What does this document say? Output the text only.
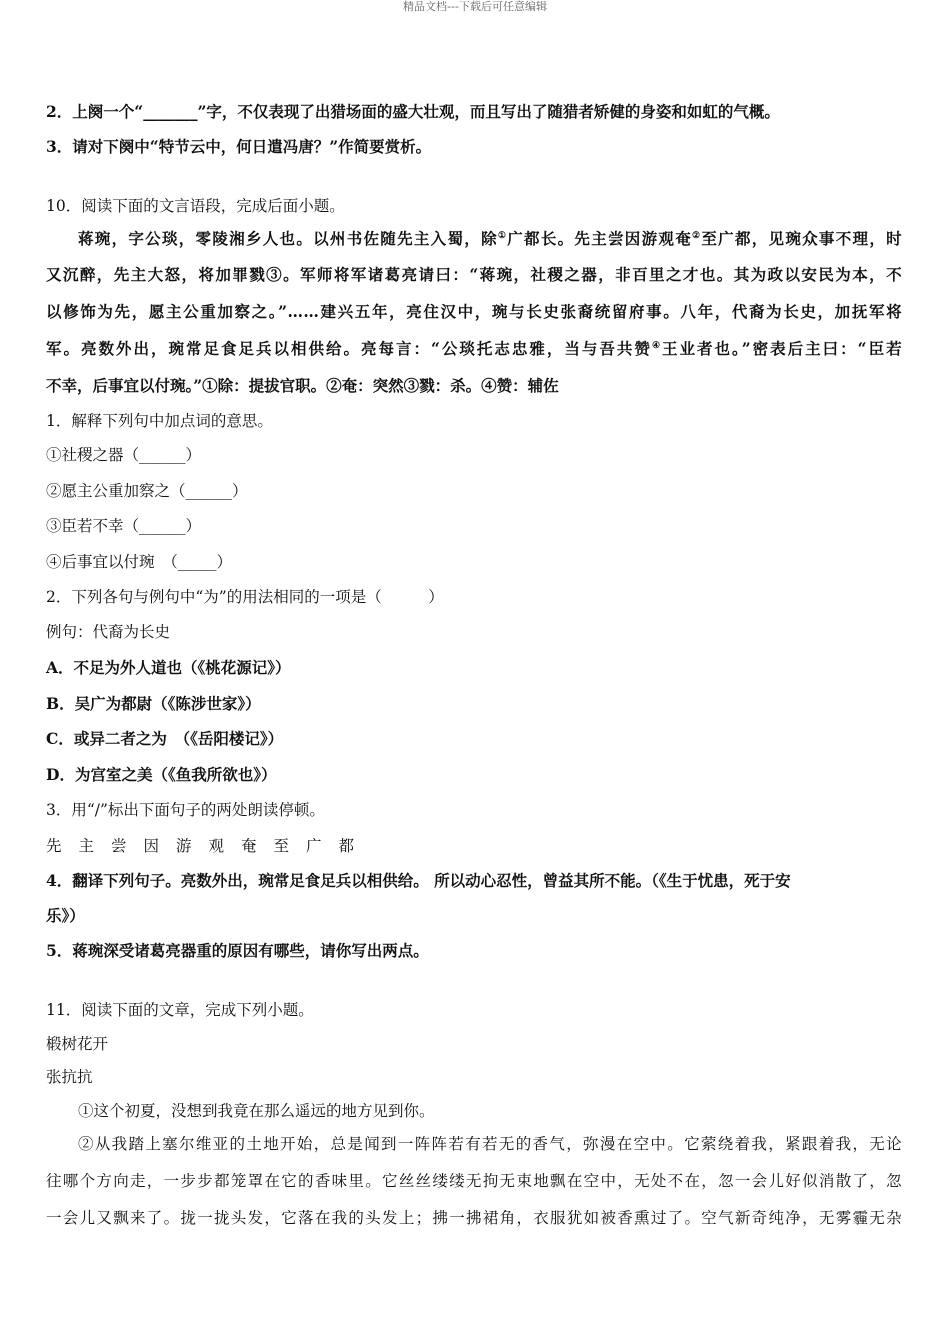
精品文档---下载后可任意编辑
2．上阕一个“_______”字，不仅表现了出猎场面的盛大壮观，而且写出了随猎者矫健的身姿和如虹的气概。
3．请对下阕中“特节云中，何日遣冯唐？”作简要赏析。
10．阅读下面的文言语段，完成后面小题。
蒋琬，字公琰，零陵湘乡人也。以州书佐随先主入蜀，除①广都长。先主尝因游观奄②至广都，见琬众事不理，时
又沉醉，先主大怒，将加罪戮③。军师将军诸葛亮请曰：“蒋琬，社稷之器，非百里之才也。其为政以安民为本，不
以修饰为先，愿主公重加察之。”……建兴五年，亮住汉中，琬与长史张裔统留府事。八年，代裔为长史，加抚军将
军。亮数外出，琬常足食足兵以相供给。亮每言：“公琰托志忠雅，当与吾共赞④王业者也。”密表后主曰：“臣若
不幸，后事宜以付琬。”①除：提拔官职。②奄：突然③戮：杀。④赞：辅佐
1．解释下列句中加点词的意思。
①社稷之器（______）
②愿主公重加察之（______）
③臣若不幸（______）
④后事宜以付琬　（_____）
2．下列各句与例句中“为”的用法相同的一项是（　　　）
例句：代裔为长史
A．不足为外人道也（《桃花源记》）
B．吴广为都尉（《陈涉世家》）
C．或异二者之为　（《岳阳楼记》）
D．为宫室之美（《鱼我所欲也》）
3．用“/”标出下面句子的两处朗读停顿。
先主尝因游观奄至广都
4．翻译下列句子。亮数外出，琬常足食足兵以相供给。 所以动心忍性，曾益其所不能。（《生于忧患，死于安
乐》）
5．蒋琬深受诸葛亮器重的原因有哪些，请你写出两点。
11．阅读下面的文章，完成下列小题。
椴树花开
张抗抗
①这个初夏，没想到我竟在那么遥远的地方见到你。
②从我踏上塞尔维亚的土地开始，总是闻到一阵阵若有若无的香气，弥漫在空中。它萦绕着我，紧跟着我，无论
往哪个方向走，一步步都笼罩在它的香味里。它丝丝缕缕无拘无束地飘在空中，无处不在，忽一会儿好似消散了，忽
一会儿又飘来了。拢一拢头发，它落在我的头发上；拂一拂裙角，衣服犹如被香熏过了。空气新奇纯净，无雾霾无杂
